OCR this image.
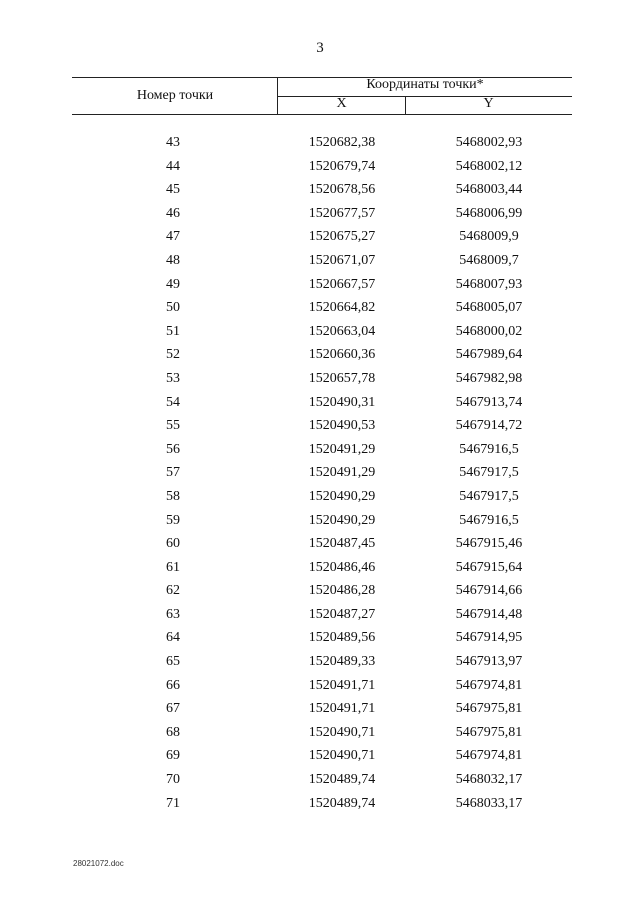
3
Номер точки
Координаты точки*
X	Y
43	1520682,38	5468002,93
44	1520679,74	5468002,12
45	1520678,56	5468003,44
46	1520677,57	5468006,99
47	1520675,27	5468009,9
48	1520671,07	5468009,7
49	1520667,57	5468007,93
50	1520664,82	5468005,07
51	1520663,04	5468000,02
52	1520660,36	5467989,64
53	1520657,78	5467982,98
54	1520490,31	5467913,74
55	1520490,53	5467914,72
56	1520491,29	5467916,5
57	1520491,29	5467917,5
58	1520490,29	5467917,5
59	1520490,29	5467916,5
60	1520487,45	5467915,46
61	1520486,46	5467915,64
62	1520486,28	5467914,66
63	1520487,27	5467914,48
64	1520489,56	5467914,95
65	1520489,33	5467913,97
66	1520491,71	5467974,81
67	1520491,71	5467975,81
68	1520490,71	5467975,81
69	1520490,71	5467974,81
70	1520489,74	5468032,17
71	1520489,74	5468033,17
28021072.doc
